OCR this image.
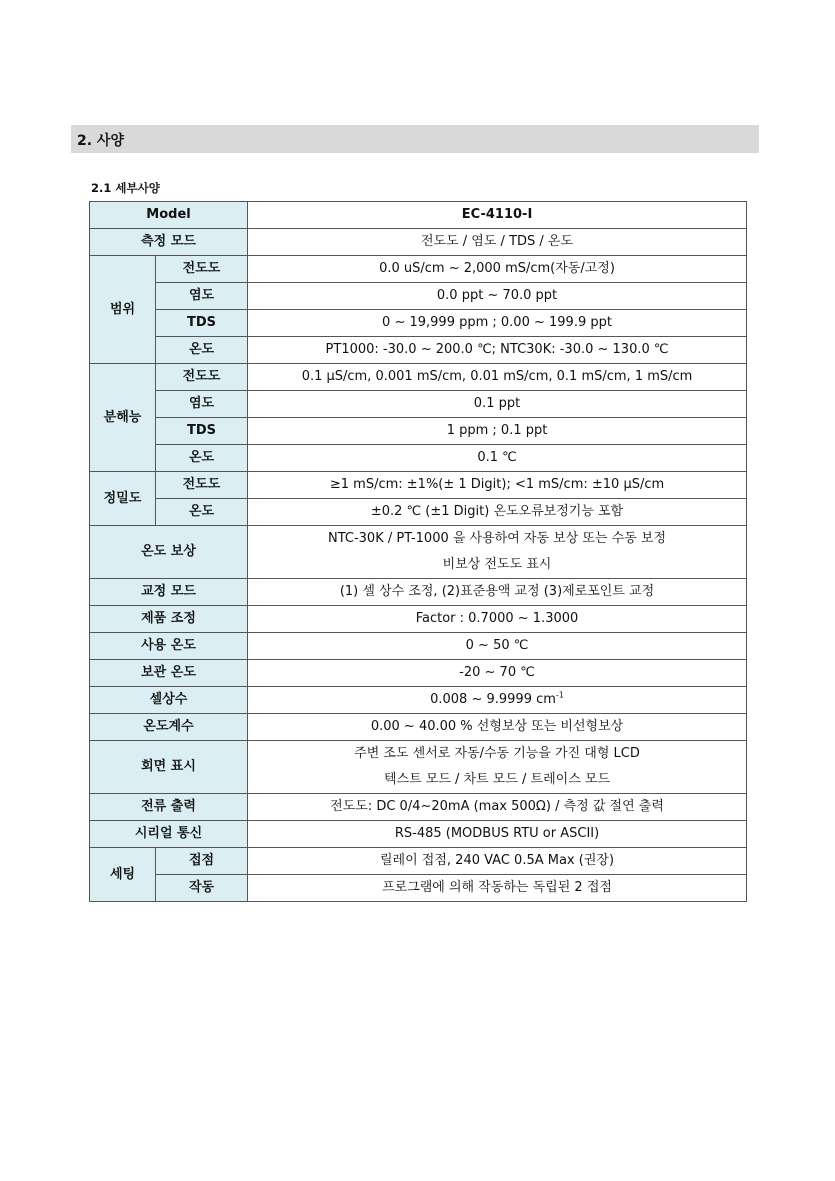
2. 사양
2.1 세부사양
Model		EC-4110-I
측정 모드		전도도 / 염도 / TDS / 온도
범위	전도도	0.0 uS/cm ~ 2,000 mS/cm(자동/고정)
	염도	0.0 ppt ~ 70.0 ppt
	TDS	0 ~ 19,999 ppm ; 0.00 ~ 199.9 ppt
	온도	PT1000: -30.0 ~ 200.0 ℃; NTC30K: -30.0 ~ 130.0 ℃
분해능	전도도	0.1 μS/cm, 0.001 mS/cm, 0.01 mS/cm, 0.1 mS/cm, 1 mS/cm
	염도	0.1 ppt
	TDS	1 ppm ; 0.1 ppt
	온도	0.1 ℃
정밀도	전도도	≥1 mS/cm: ±1%(± 1 Digit); <1 mS/cm: ±10 μS/cm
	온도	±0.2 ℃ (±1 Digit) 온도오류보정기능 포함
온도 보상		NTC-30K / PT-1000 을 사용하여 자동 보상 또는 수동 보정
비보상 전도도 표시

교정 모드		(1) 셀 상수 조정, (2)표준용액 교정 (3)제로포인트 교정
제품 조정		Factor : 0.7000 ~ 1.3000
사용 온도		0 ~ 50 ℃
보관 온도		-20 ~ 70 ℃
셀상수		0.008 ~ 9.9999 $cm^{-1}$
온도계수		0.00 ~ 40.00 % 선형보상 또는 비선형보상
회면 표시		주변 조도 센서로 자동/수동 기능을 가진 대형 LCD
텍스트 모드 / 차트 모드 / 트레이스 모드

전류 출력		전도도: DC 0/4~20mA (max 500Ω) / 측정 값 절연 출력
시리얼 통신		RS-485 (MODBUS RTU or ASCII)
세팅	접점	릴레이 접점, 240 VAC 0.5A Max (권장)
	작동	프로그램에 의해 작동하는 독립된 2 접점
